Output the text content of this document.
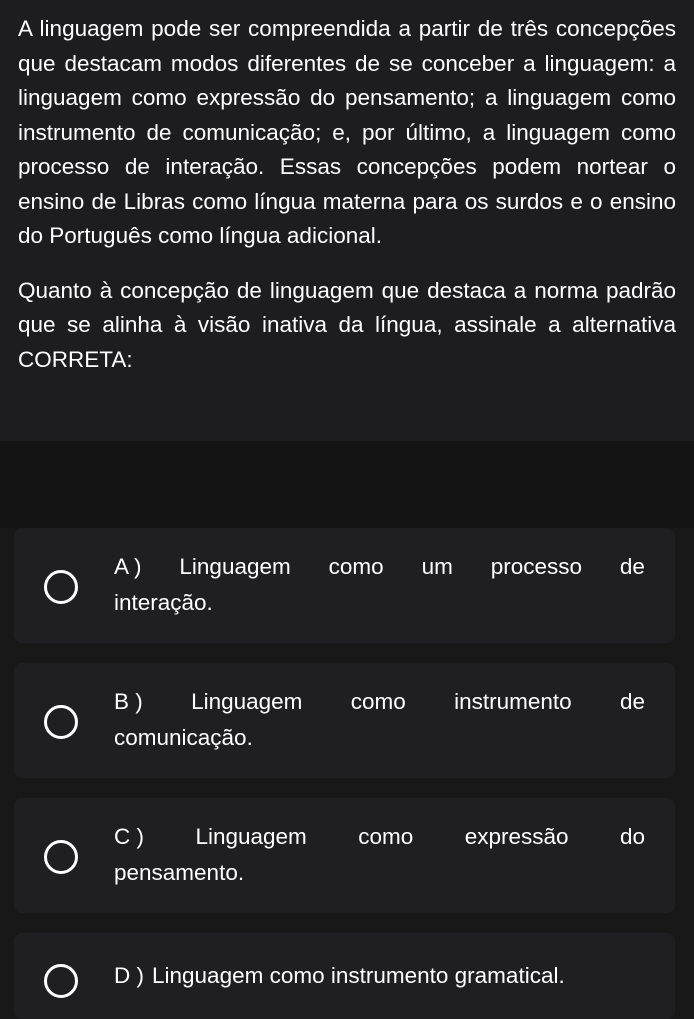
A linguagem pode ser compreendida a partir de três concepções que destacam modos diferentes de se conceber a linguagem: a linguagem como expressão do pensamento; a linguagem como instrumento de comunicação; e, por último, a linguagem como processo de interação. Essas concepções podem nortear o ensino de Libras como língua materna para os surdos e o ensino do Português como língua adicional.

Quanto à concepção de linguagem que destaca a norma padrão que se alinha à visão inativa da língua, assinale a alternativa CORRETA:

A ) Linguagem como um processo de
interação.
B ) Linguagem como instrumento de
comunicação.
C ) Linguagem como expressão do
pensamento.
D ) Linguagem como instrumento gramatical.
